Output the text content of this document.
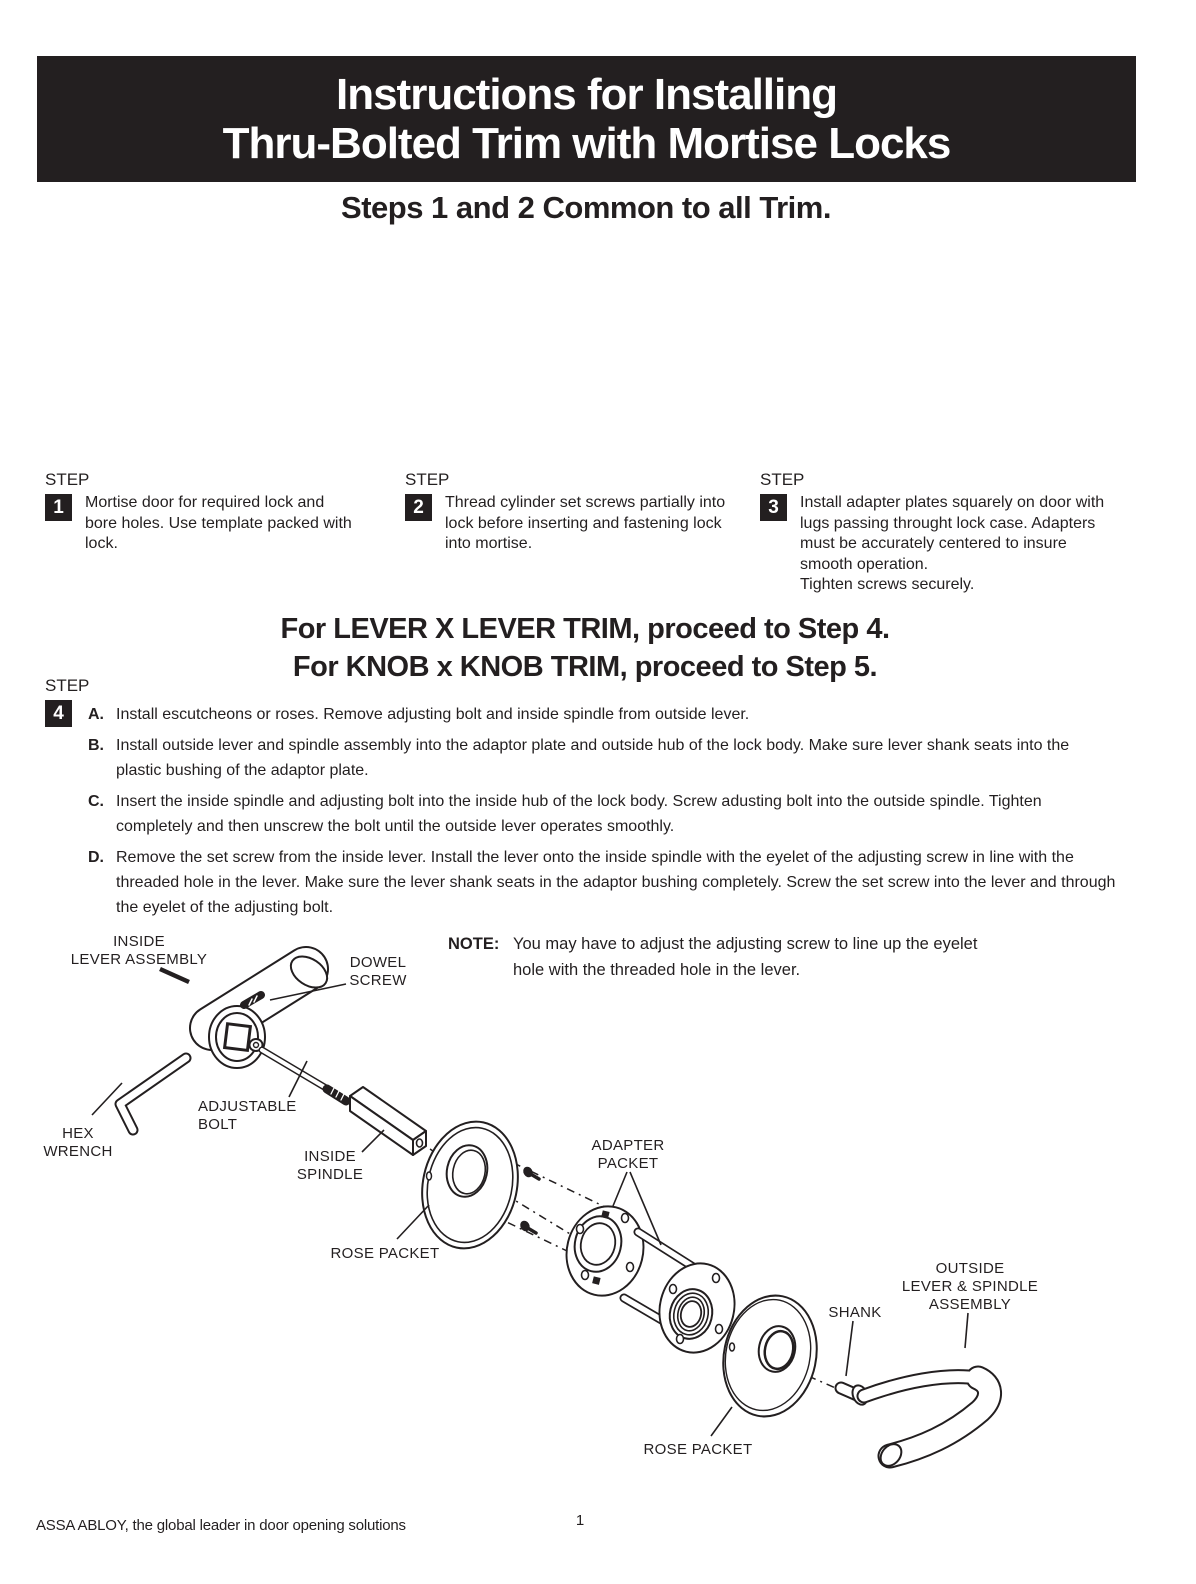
Instructions for Installing
Thru-Bolted Trim with Mortise Locks
Steps 1 and 2 Common to all Trim.
STEP
1	Mortise door for required lock and bore holes. Use template packed with lock.
STEP
2	Thread cylinder set screws partially into lock before inserting and fastening lock into mortise.
STEP
3	Install adapter plates squarely on door with lugs passing throught lock case. Adapters must be accurately centered to insure smooth operation.
Tighten screws securely.
For LEVER X LEVER TRIM, proceed to Step 4.
For KNOB x KNOB TRIM, proceed to Step 5.
STEP
4	A. Install escutcheons or roses. Remove adjusting bolt and inside spindle from outside lever.
B. Install outside lever and spindle assembly into the adaptor plate and outside hub of the lock body. Make sure lever shank seats into the plastic bushing of the adaptor plate.
C. Insert the inside spindle and adjusting bolt into the inside hub of the lock body. Screw adusting bolt into the outside spindle. Tighten completely and then unscrew the bolt until the outside lever operates smoothly.
D. Remove the set screw from the inside lever. Install the lever onto the inside spindle with the eyelet of the adjusting screw in line with the threaded hole in the lever. Make sure the lever shank seats in the adaptor bushing completely. Screw the set screw into the lever and through the eyelet of the adjusting bolt.
NOTE: You may have to adjust the adjusting screw to line up the eyelet hole with the threaded hole in the lever.
INSIDE
LEVER ASSEMBLY	DOWEL
SCREW
HEX
WRENCH
ADJUSTABLE
BOLT
INSIDE
SPINDLE
ROSE PACKET
ADAPTER
PACKET
ROSE PACKET
SHANK
OUTSIDE
LEVER & SPINDLE
ASSEMBLY
ASSA ABLOY, the global leader in door opening solutions	1
